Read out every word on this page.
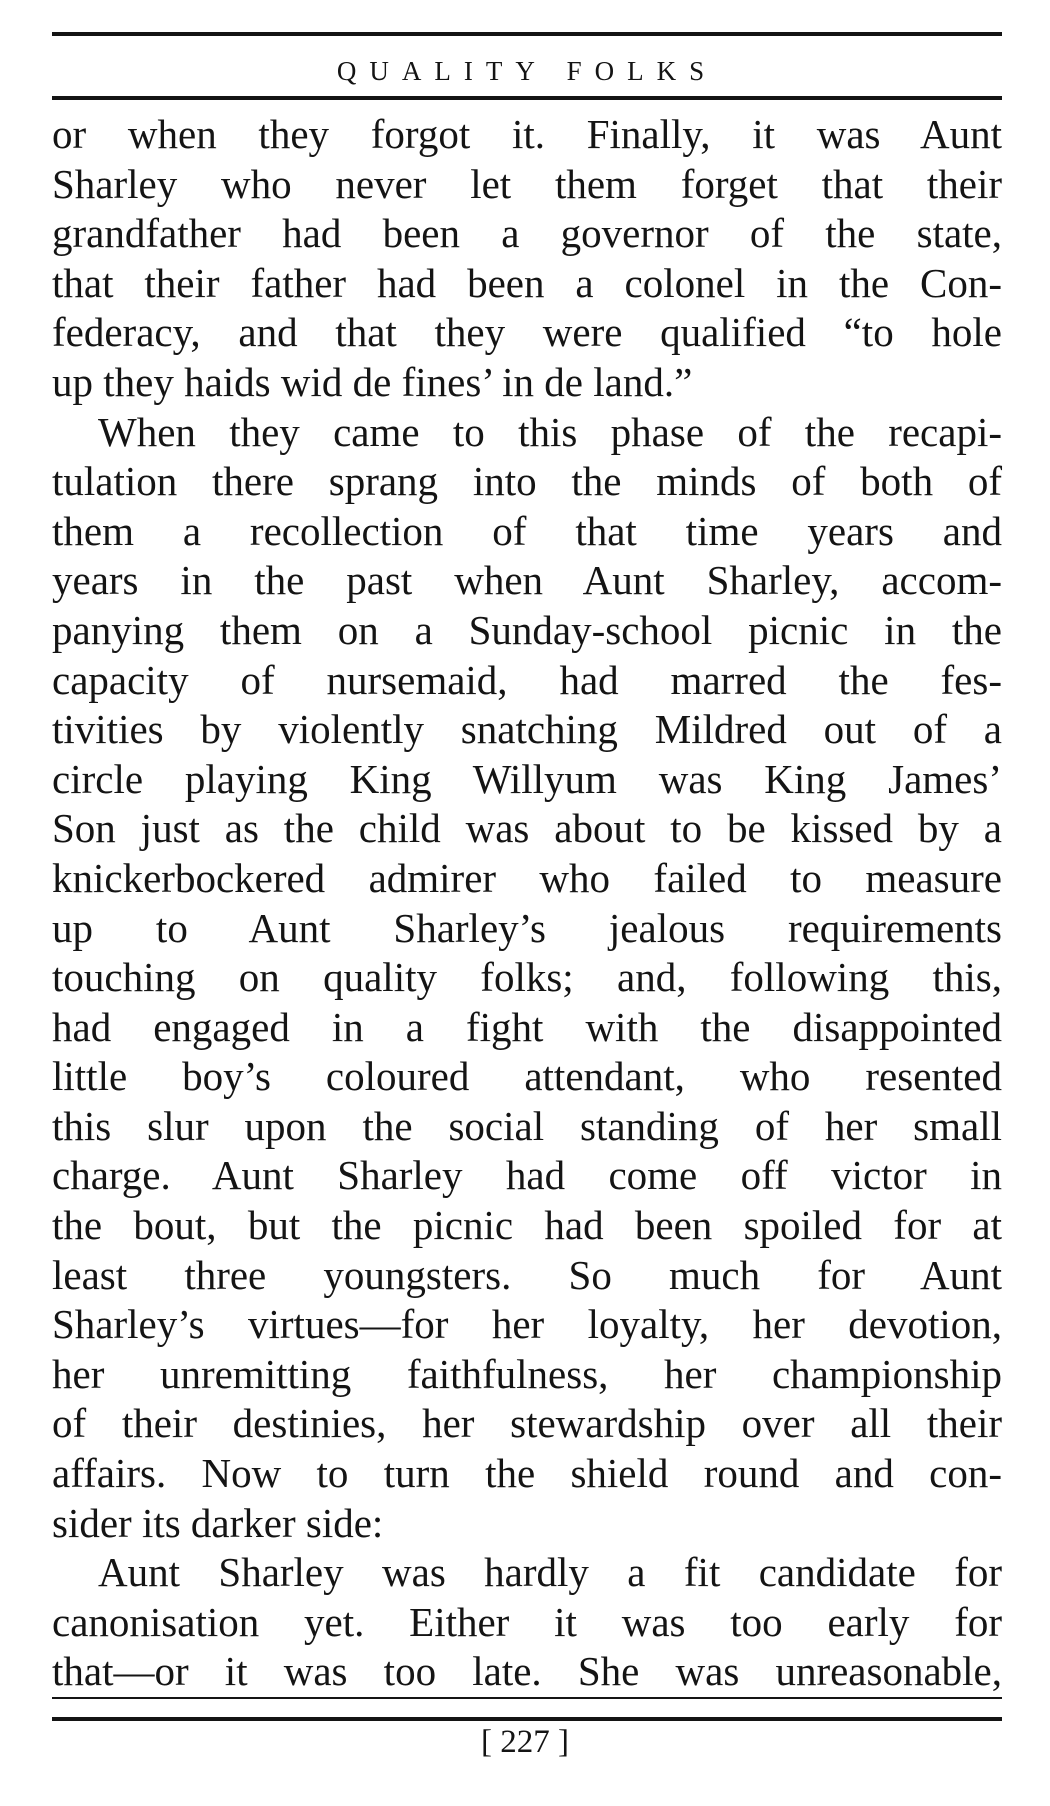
QUALITY FOLKS
or when they forgot it. Finally, it was Aunt
Sharley who never let them forget that their
grandfather had been a governor of the state,
that their father had been a colonel in the Con-
federacy, and that they were qualified “to hole
up they haids wid de fines’ in de land.”
When they came to this phase of the recapi-
tulation there sprang into the minds of both of
them a recollection of that time years and
years in the past when Aunt Sharley, accom-
panying them on a Sunday-school picnic in the
capacity of nursemaid, had marred the fes-
tivities by violently snatching Mildred out of a
circle playing King Willyum was King James’
Son just as the child was about to be kissed by a
knickerbockered admirer who failed to measure
up to Aunt Sharley’s jealous requirements
touching on quality folks; and, following this,
had engaged in a fight with the disappointed
little boy’s coloured attendant, who resented
this slur upon the social standing of her small
charge. Aunt Sharley had come off victor in
the bout, but the picnic had been spoiled for at
least three youngsters. So much for Aunt
Sharley’s virtues—for her loyalty, her devotion,
her unremitting faithfulness, her championship
of their destinies, her stewardship over all their
affairs. Now to turn the shield round and con-
sider its darker side:
Aunt Sharley was hardly a fit candidate for
canonisation yet. Either it was too early for
that—or it was too late. She was unreasonable,
[ 227 ]
